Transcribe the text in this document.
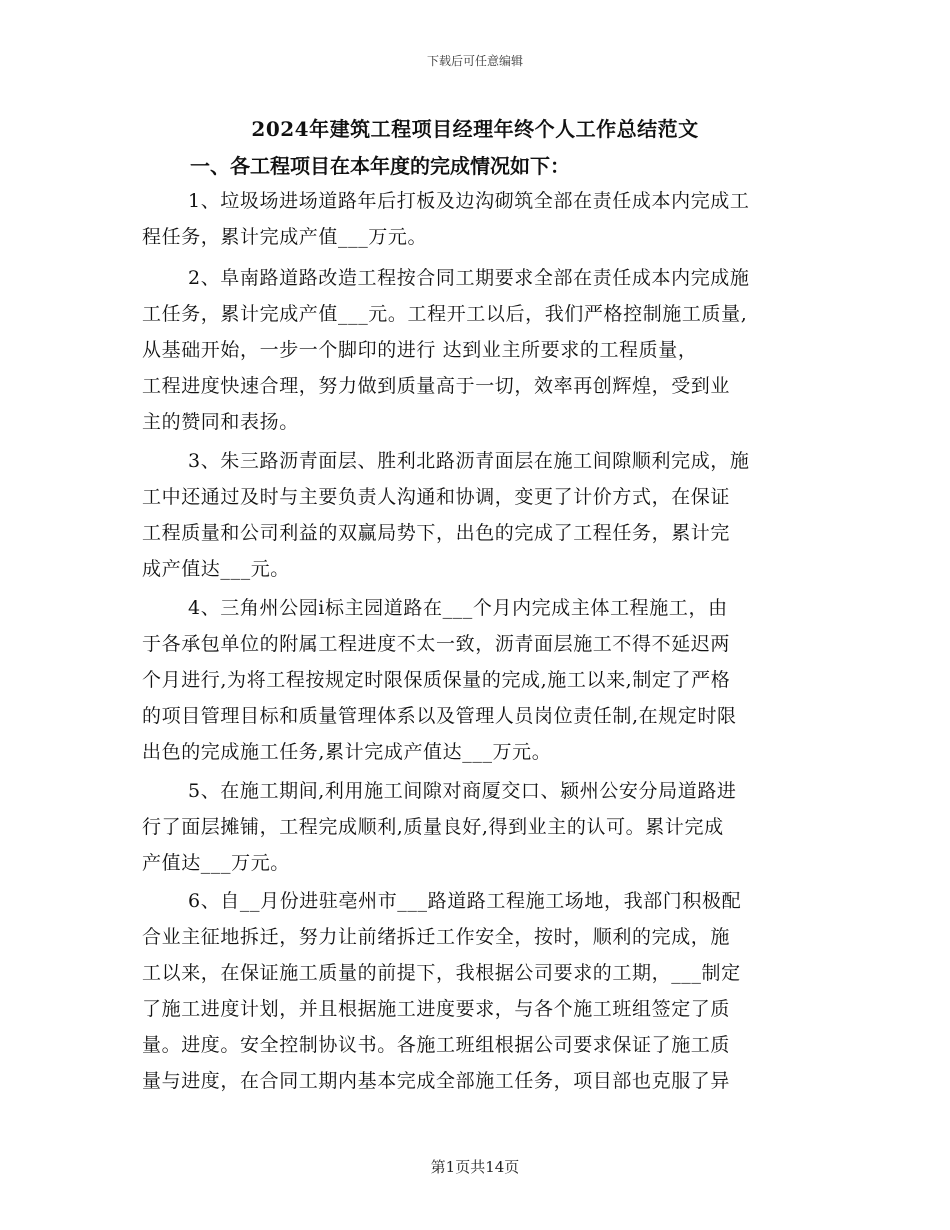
下载后可任意编辑
2024年建筑工程项目经理年终个人工作总结范文
一、各工程项目在本年度的完成情况如下：
1、垃圾场进场道路年后打板及边沟砌筑全部在责任成本内完成工
程任务，累计完成产值___万元。
2、阜南路道路改造工程按合同工期要求全部在责任成本内完成施
工任务，累计完成产值___元。工程开工以后，我们严格控制施工质量,
从基础开始，一步一个脚印的进行 达到业主所要求的工程质量，
工程进度快速合理，努力做到质量高于一切，效率再创辉煌，受到业
主的赞同和表扬。
3、朱三路沥青面层、胜利北路沥青面层在施工间隙顺利完成，施
工中还通过及时与主要负责人沟通和协调，变更了计价方式，在保证
工程质量和公司利益的双赢局势下，出色的完成了工程任务，累计完
成产值达___元。
4、三角州公园ⅰ标主园道路在___个月内完成主体工程施工，由
于各承包单位的附属工程进度不太一致，沥青面层施工不得不延迟两
个月进行,为将工程按规定时限保质保量的完成,施工以来,制定了严格
的项目管理目标和质量管理体系以及管理人员岗位责任制,在规定时限
出色的完成施工任务,累计完成产值达___万元。
5、在施工期间,利用施工间隙对商厦交口、颍州公安分局道路进
行了面层摊铺，工程完成顺利,质量良好,得到业主的认可。累计完成
产值达___万元。
6、自__月份进驻亳州市___路道路工程施工场地，我部门积极配
合业主征地拆迁，努力让前绪拆迁工作安全，按时，顺利的完成，施
工以来，在保证施工质量的前提下，我根据公司要求的工期，___制定
了施工进度计划，并且根据施工进度要求，与各个施工班组签定了质
量。进度。安全控制协议书。各施工班组根据公司要求保证了施工质
量与进度，在合同工期内基本完成全部施工任务，项目部也克服了异
第1页共14页
